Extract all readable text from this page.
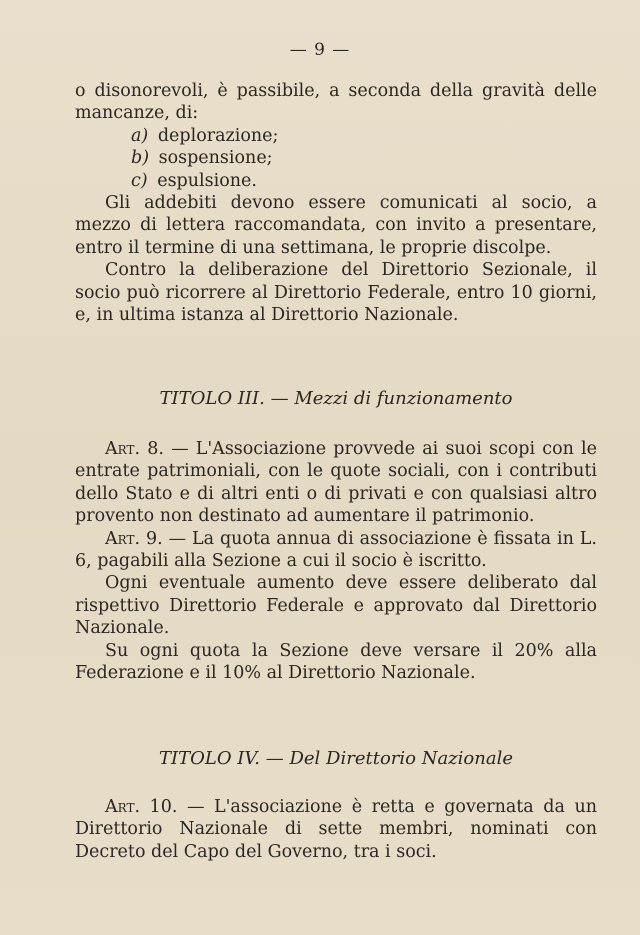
— 9 —

o disonorevoli, è passibile, a seconda della gravità delle mancanze, di:

a) deplorazione;

b) sospensione;

c) espulsione.

Gli addebiti devono essere comunicati al socio, a mezzo di lettera raccomandata, con invito a presentare, entro il termine di una settimana, le proprie discolpe.

Contro la deliberazione del Direttorio Sezionale, il socio può ricorrere al Direttorio Federale, entro 10 giorni, e, in ultima istanza al Direttorio Nazionale.

TITOLO III. — Mezzi di funzionamento

Art. 8. — L'Associazione provvede ai suoi scopi con le entrate patrimoniali, con le quote sociali, con i contributi dello Stato e di altri enti o di privati e con qualsiasi altro provento non destinato ad aumentare il patrimonio.

Art. 9. — La quota annua di associazione è fissata in L. 6, pagabili alla Sezione a cui il socio è iscritto.

Ogni eventuale aumento deve essere deliberato dal rispettivo Direttorio Federale e approvato dal Direttorio Nazionale.

Su ogni quota la Sezione deve versare il 20% alla Federazione e il 10% al Direttorio Nazionale.

TITOLO IV. — Del Direttorio Nazionale

Art. 10. — L'associazione è retta e governata da un Direttorio Nazionale di sette membri, nominati con Decreto del Capo del Governo, tra i soci.
